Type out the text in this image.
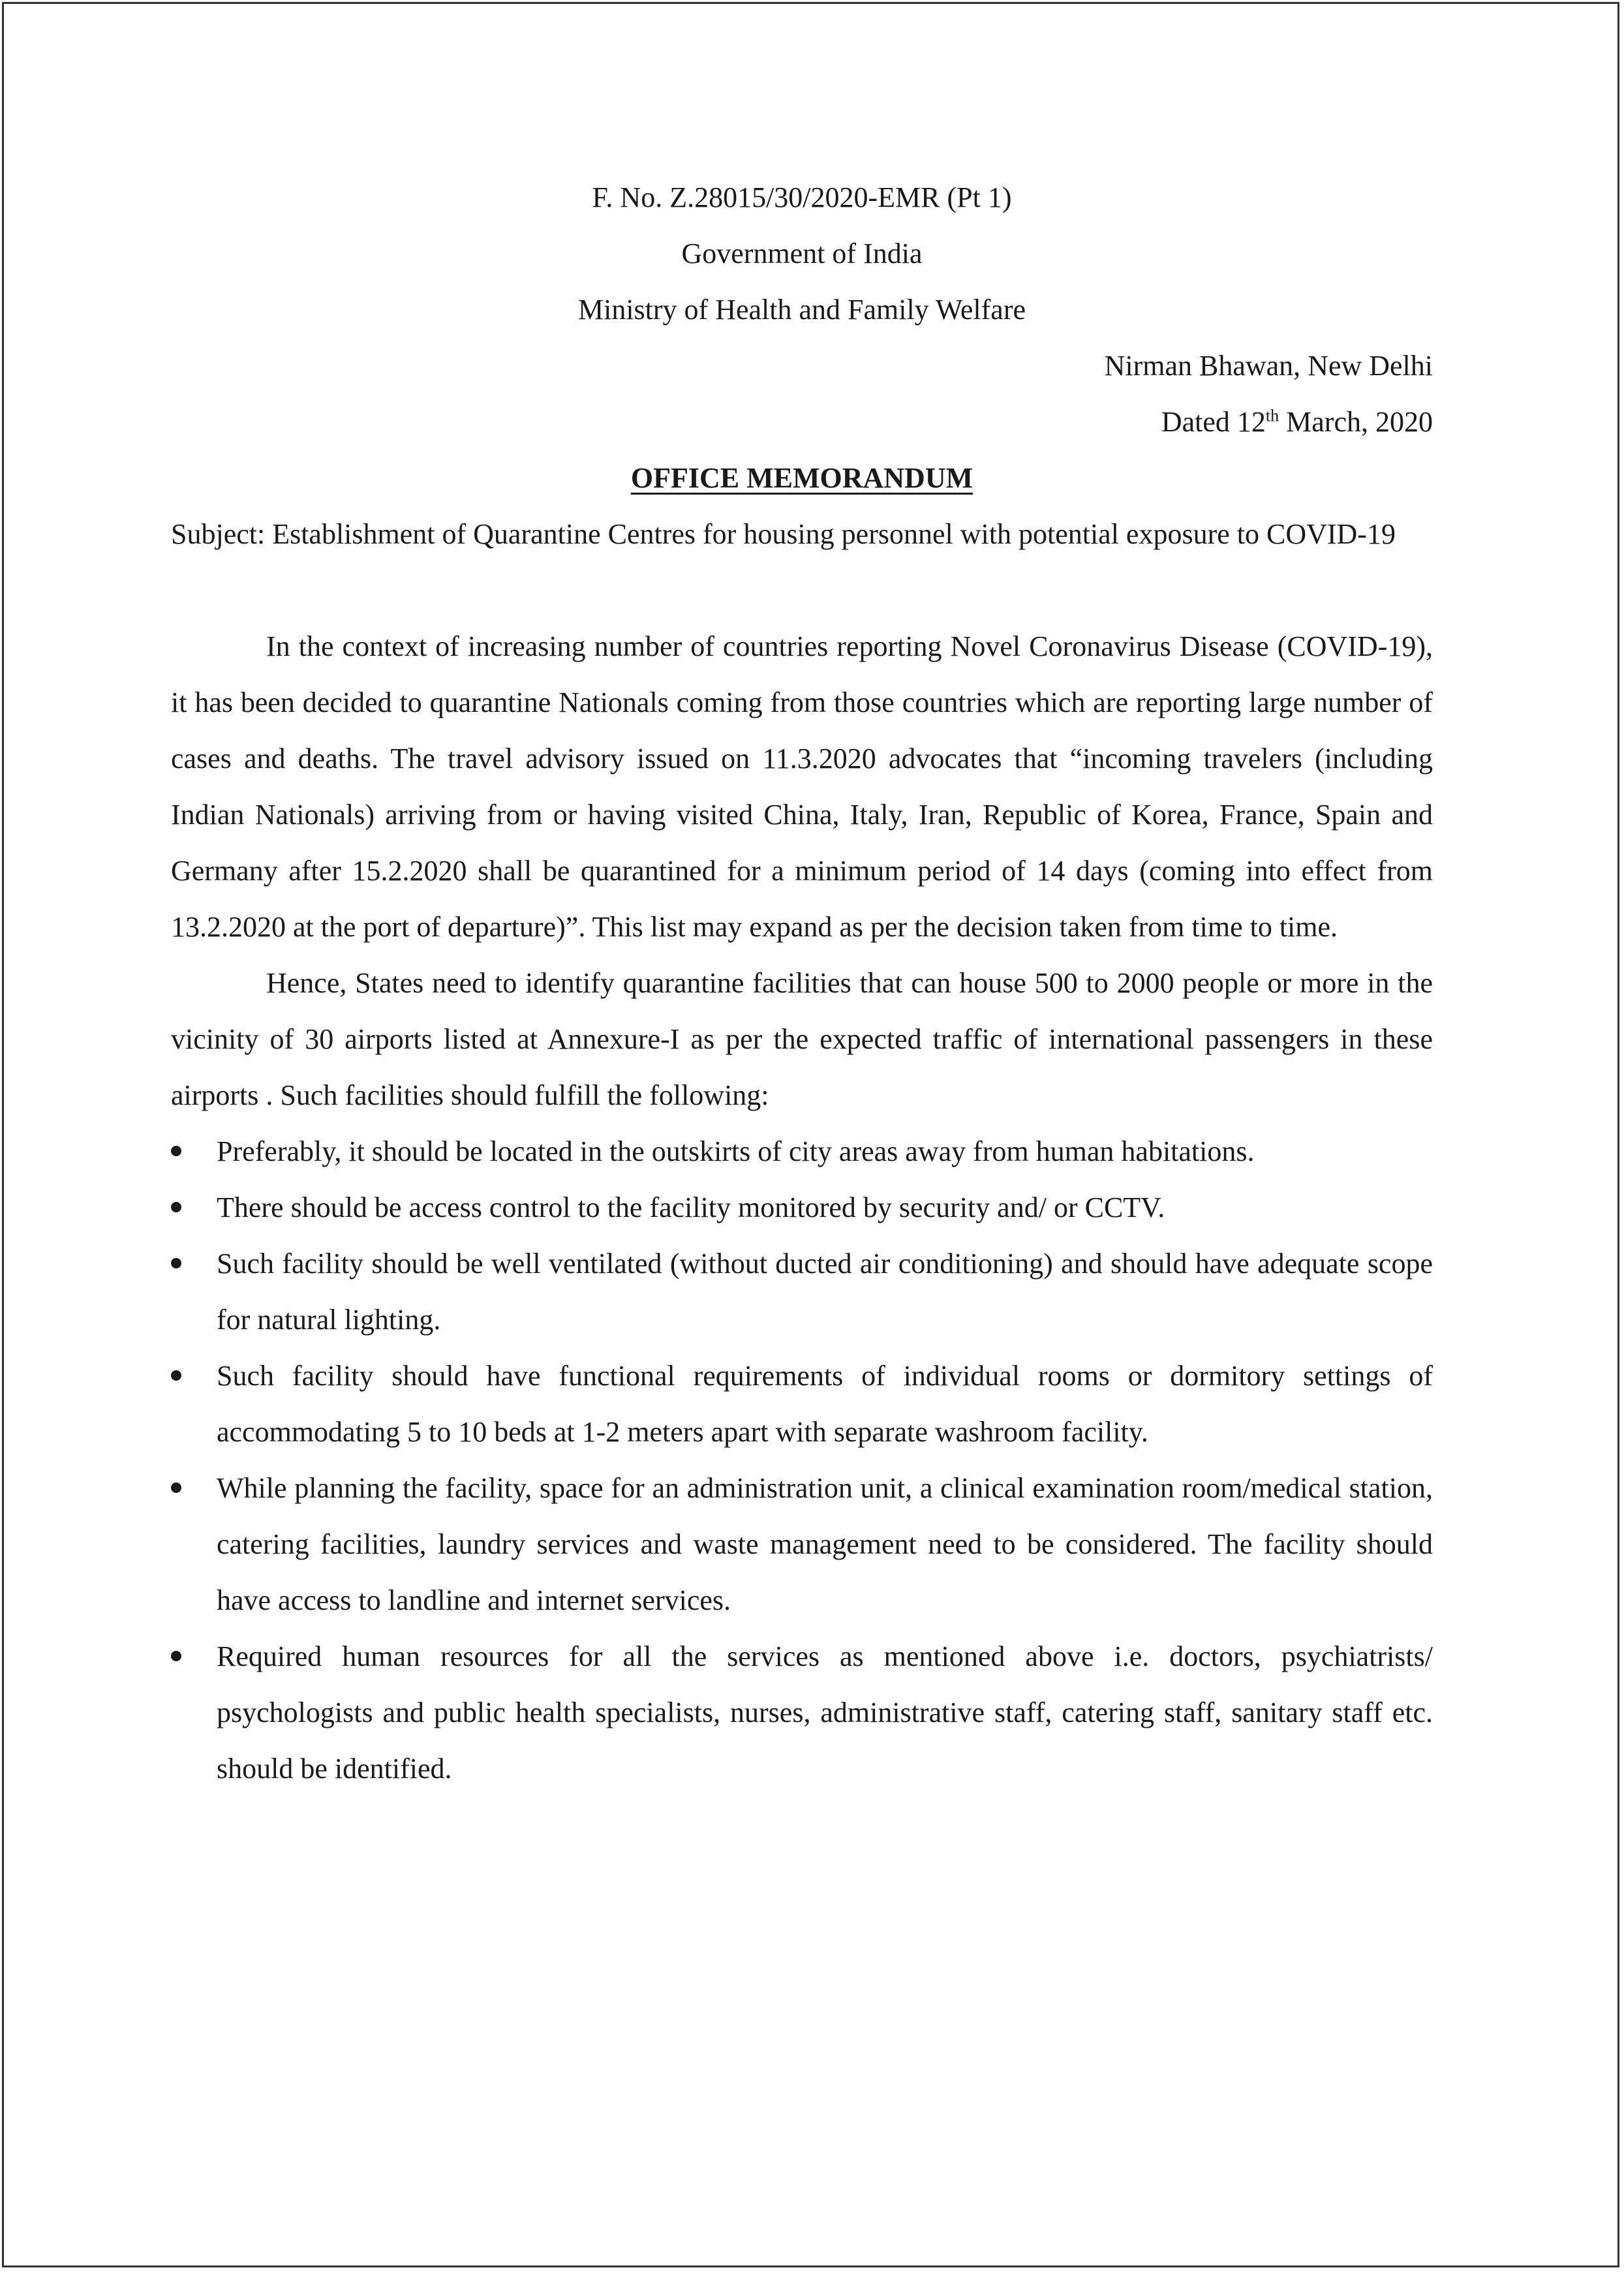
F. No. Z.28015/30/2020-EMR (Pt 1)

Government of India

Ministry of Health and Family Welfare

Nirman Bhawan, New Delhi

Dated 12th March, 2020

OFFICE MEMORANDUM

Subject: Establishment of Quarantine Centres for housing personnel with potential exposure to COVID-19

In the context of increasing number of countries reporting Novel Coronavirus Disease (COVID-19), it has been decided to quarantine Nationals coming from those countries which are reporting large number of cases and deaths. The travel advisory issued on 11.3.2020 advocates that “incoming travelers (including Indian Nationals) arriving from or having visited China, Italy, Iran, Republic of Korea, France, Spain and Germany after 15.2.2020 shall be quarantined for a minimum period of 14 days (coming into effect from 13.2.2020 at the port of departure)”. This list may expand as per the decision taken from time to time.

Hence, States need to identify quarantine facilities that can house 500 to 2000 people or more in the vicinity of 30 airports listed at Annexure-I as per the expected traffic of international passengers in these airports . Such facilities should fulfill the following:

Preferably, it should be located in the outskirts of city areas away from human habitations.
There should be access control to the facility monitored by security and/ or CCTV.
Such facility should be well ventilated (without ducted air conditioning) and should have adequate scope for natural lighting.
Such facility should have functional requirements of individual rooms or dormitory settings of accommodating 5 to 10 beds at 1-2 meters apart with separate washroom facility.
While planning the facility, space for an administration unit, a clinical examination room/medical station, catering facilities, laundry services and waste management need to be considered. The facility should have access to landline and internet services.
Required human resources for all the services as mentioned above i.e. doctors, psychiatrists/ psychologists and public health specialists, nurses, administrative staff, catering staff, sanitary staff etc. should be identified.
